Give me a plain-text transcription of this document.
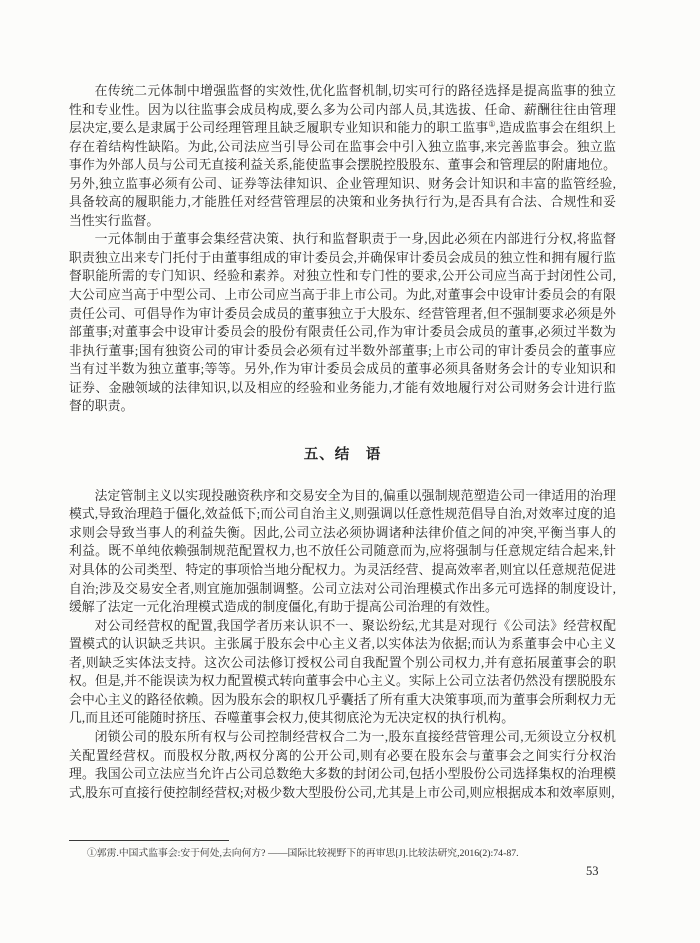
在传统二元体制中增强监督的实效性,优化监督机制,切实可行的路径选择是提高监事的独立性和专业性。因为以往监事会成员构成,要么多为公司内部人员,其选拔、任命、薪酬往往由管理层决定,要么是隶属于公司经理管理且缺乏履职专业知识和能力的职工监事①,造成监事会在组织上存在着结构性缺陷。为此,公司法应当引导公司在监事会中引入独立监事,来完善监事会。独立监事作为外部人员与公司无直接利益关系,能使监事会摆脱控股股东、董事会和管理层的附庸地位。另外,独立监事必须有公司、证券等法律知识、企业管理知识、财务会计知识和丰富的监管经验,具备较高的履职能力,才能胜任对经营管理层的决策和业务执行行为,是否具有合法、合规性和妥当性实行监督。

一元体制由于董事会集经营决策、执行和监督职责于一身,因此必须在内部进行分权,将监督职责独立出来专门托付于由董事组成的审计委员会,并确保审计委员会成员的独立性和拥有履行监督职能所需的专门知识、经验和素养。对独立性和专门性的要求,公开公司应当高于封闭性公司,大公司应当高于中型公司、上市公司应当高于非上市公司。为此,对董事会中设审计委员会的有限责任公司、可倡导作为审计委员会成员的董事独立于大股东、经营管理者,但不强制要求必须是外部董事;对董事会中设审计委员会的股份有限责任公司,作为审计委员会成员的董事,必须过半数为非执行董事;国有独资公司的审计委员会必须有过半数外部董事;上市公司的审计委员会的董事应当有过半数为独立董事;等等。另外,作为审计委员会成员的董事必须具备财务会计的专业知识和证券、金融领域的法律知识,以及相应的经验和业务能力,才能有效地履行对公司财务会计进行监督的职责。

五、结　语

法定管制主义以实现投融资秩序和交易安全为目的,偏重以强制规范塑造公司一律适用的治理模式,导致治理趋于僵化,效益低下;而公司自治主义,则强调以任意性规范倡导自治,对效率过度的追求则会导致当事人的利益失衡。因此,公司立法必须协调诸种法律价值之间的冲突,平衡当事人的利益。既不单纯依赖强制规范配置权力,也不放任公司随意而为,应将强制与任意规定结合起来,针对具体的公司类型、特定的事项恰当地分配权力。为灵活经营、提高效率者,则宜以任意规范促进自治;涉及交易安全者,则宜施加强制调整。公司立法对公司治理模式作出多元可选择的制度设计,缓解了法定一元化治理模式造成的制度僵化,有助于提高公司治理的有效性。

对公司经营权的配置,我国学者历来认识不一、聚讼纷纭,尤其是对现行《公司法》经营权配置模式的认识缺乏共识。主张属于股东会中心主义者,以实体法为依据;而认为系董事会中心主义者,则缺乏实体法支持。这次公司法修订授权公司自我配置个别公司权力,并有意拓展董事会的职权。但是,并不能误读为权力配置模式转向董事会中心主义。实际上公司立法者仍然没有摆脱股东会中心主义的路径依赖。因为股东会的职权几乎囊括了所有重大决策事项,而为董事会所剩权力无几,而且还可能随时挤压、吞噬董事会权力,使其彻底沦为无决定权的执行机构。

闭锁公司的股东所有权与公司控制经营权合二为一,股东直接经营管理公司,无须设立分权机关配置经营权。而股权分散,两权分离的公开公司,则有必要在股东会与董事会之间实行分权治理。我国公司立法应当允许占公司总数绝大多数的封闭公司,包括小型股份公司选择集权的治理模式,股东可直接行使控制经营权;对极少数大型股份公司,尤其是上市公司,则应根据成本和效率原则,

①郭雳.中国式监事会:安于何处,去向何方? ——国际比较视野下的再审思[J].比较法研究,2016(2):74-87.

53
